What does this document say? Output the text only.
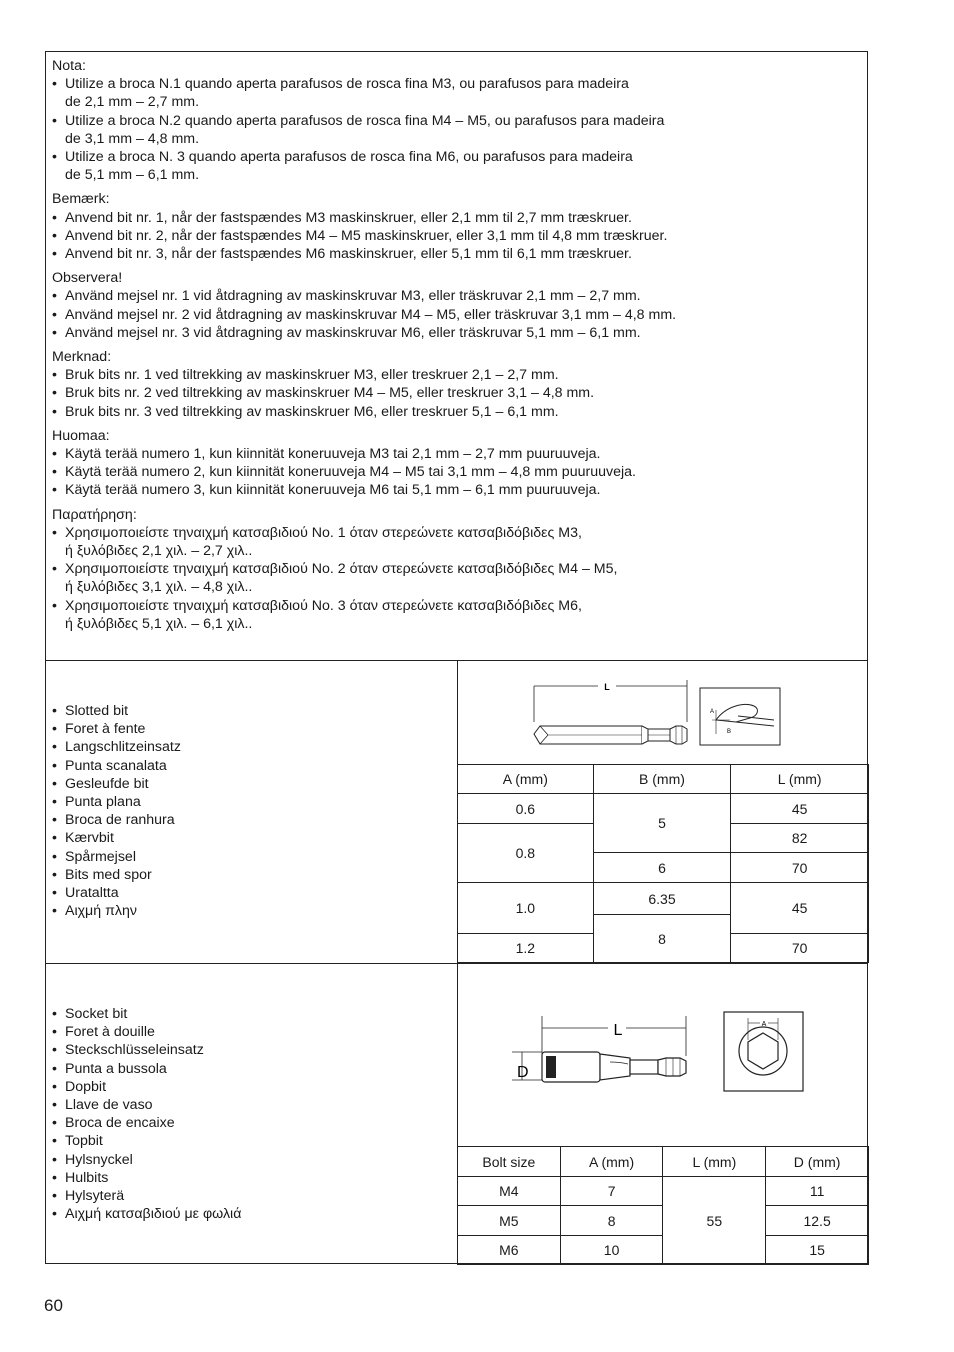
Nota:
• Utilize a broca N.1 quando aperta parafusos de rosca fina M3, ou parafusos para madeira
de 2,1 mm – 2,7 mm.
• Utilize a broca N.2 quando aperta parafusos de rosca fina M4 – M5, ou parafusos para madeira
de 3,1 mm – 4,8 mm.
• Utilize a broca N. 3 quando aperta parafusos de rosca fina M6, ou parafusos para madeira
de 5,1 mm – 6,1 mm.
Bemærk:
• Anvend bit nr. 1, når der fastspændes M3 maskinskruer, eller 2,1 mm til 2,7 mm træskruer.
• Anvend bit nr. 2, når der fastspændes M4 – M5 maskinskruer, eller 3,1 mm til 4,8 mm træskruer.
• Anvend bit nr. 3, når der fastspændes M6 maskinskruer, eller 5,1 mm til 6,1 mm træskruer.
Observera!
• Använd mejsel nr. 1 vid åtdragning av maskinskruvar M3, eller träskruvar 2,1 mm – 2,7 mm.
• Använd mejsel nr. 2 vid åtdragning av maskinskruvar M4 – M5, eller träskruvar 3,1 mm – 4,8 mm.
• Använd mejsel nr. 3 vid åtdragning av maskinskruvar M6, eller träskruvar 5,1 mm – 6,1 mm.
Merknad:
• Bruk bits nr. 1 ved tiltrekking av maskinskruer M3, eller treskruer 2,1 – 2,7 mm.
• Bruk bits nr. 2 ved tiltrekking av maskinskruer M4 – M5, eller treskruer 3,1 – 4,8 mm.
• Bruk bits nr. 3 ved tiltrekking av maskinskruer M6, eller treskruer 5,1 – 6,1 mm.
Huomaa:
• Käytä terää numero 1, kun kiinnität koneruuveja M3 tai 2,1 mm – 2,7 mm puuruuveja.
• Käytä terää numero 2, kun kiinnität koneruuveja M4 – M5 tai 3,1 mm – 4,8 mm puuruuveja.
• Käytä terää numero 3, kun kiinnität koneruuveja M6 tai 5,1 mm – 6,1 mm puuruuveja.
Παρατήρηση:
• Χρησιμοποιείστε τηναιχμή κατσαβιδιού No. 1 όταν στερεώνετε κατσαβιδόβιδες M3,
ή ξυλόβιδες 2,1 χιλ. – 2,7 χιλ..
• Χρησιμοποιείστε τηναιχμή κατσαβιδιού No. 2 όταν στερεώνετε κατσαβιδόβιδες M4 – M5,
ή ξυλόβιδες 3,1 χιλ. – 4,8 χιλ..
• Χρησιμοποιείστε τηναιχμή κατσαβιδιού No. 3 όταν στερεώνετε κατσαβιδόβιδες M6,
ή ξυλόβιδες 5,1 χιλ. – 6,1 χιλ..
• Slotted bit
• Foret à fente
• Langschlitzeinsatz
• Punta scanalata
• Gesleufde bit
• Punta plana
• Broca de ranhura
• Kærvbit
• Spårmejsel
• Bits med spor
• Urataltta
• Αιχμή πλην
L
A
B
A (mm)	B (mm)	L (mm)
0.6	5	45
0.8		82
	6	70
1.0	6.35	45
	8	
1.2		70
• Socket bit
• Foret à douille
• Steckschlüsseleinsatz
• Punta a bussola
• Dopbit
• Llave de vaso
• Broca de encaixe
• Topbit
• Hylsnyckel
• Hulbits
• Hylsyterä
• Αιχμή κατσαβιδιού με φωλιά
L
D
A
Bolt size	A (mm)	L (mm)	D (mm)
M4	7	55	11
M5	8		12.5
M6	10		15
60
